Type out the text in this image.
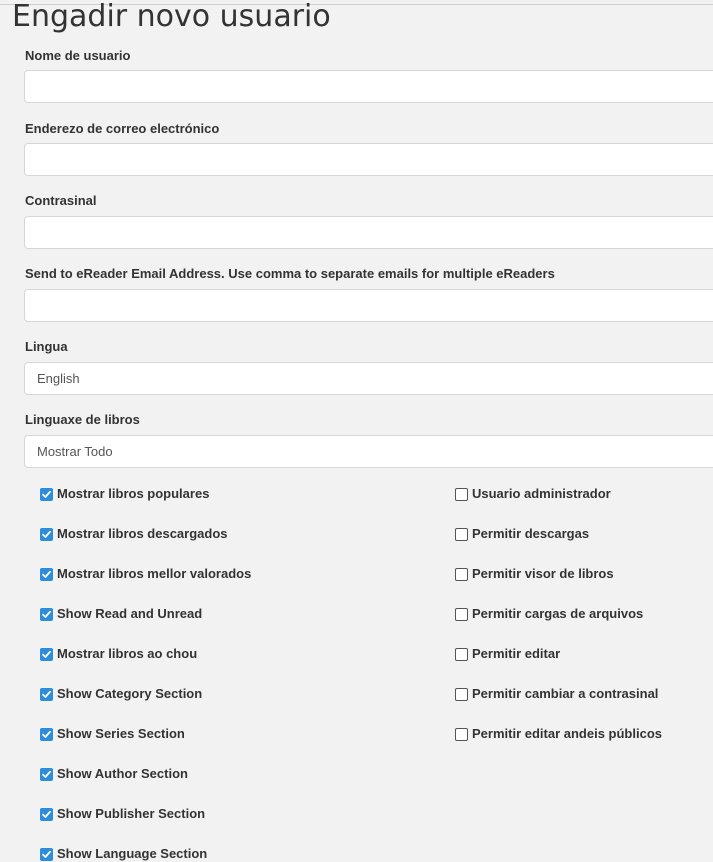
Engadir novo usuario
Nome de usuario
Enderezo de correo electrónico
Contrasinal
Send to eReader Email Address. Use comma to separate emails for multiple eReaders
Lingua
English
Linguaxe de libros
Mostrar Todo
Mostrar libros populares
Mostrar libros descargados
Mostrar libros mellor valorados
Show Read and Unread
Mostrar libros ao chou
Show Category Section
Show Series Section
Show Author Section
Show Publisher Section
Show Language Section
Usuario administrador
Permitir descargas
Permitir visor de libros
Permitir cargas de arquivos
Permitir editar
Permitir cambiar a contrasinal
Permitir editar andeis públicos
